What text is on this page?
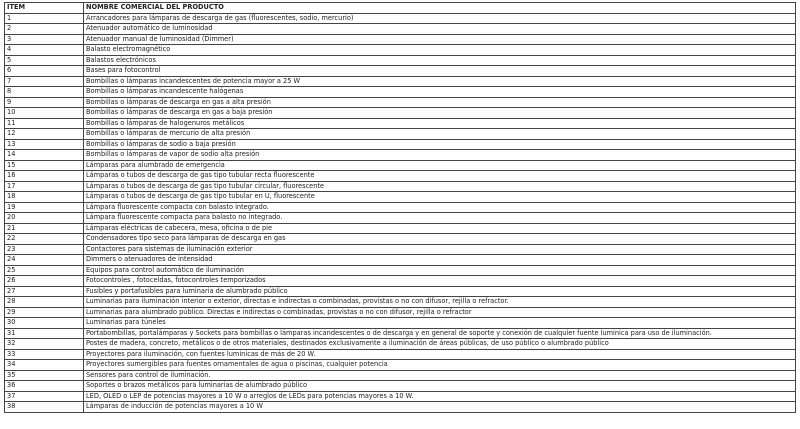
ÍTEM	NOMBRE COMERCIAL DEL PRODUCTO
1	Arrancadores para lámparas de descarga de gas (fluorescentes, sodio, mercurio)
2	Atenuador automático de luminosidad
3	Atenuador manual de luminosidad (Dimmer)
4	Balasto electromagnético
5	Balastos electrónicos
6	Bases para fotocontrol
7	Bombillas o lámparas incandescentes de potencia mayor a 25 W
8	Bombillas o lámparas incandescente halógenas
9	Bombillas o lámparas de descarga en gas a alta presión
10	Bombillas o lámparas de descarga en gas a baja presión
11	Bombillas o lámparas de halogenuros metálicos
12	Bombillas o lámparas de mercurio de alta presión
13	Bombillas o lámparas de sodio a baja presión
14	Bombillas o lámparas de vapor de sodio alta presión
15	Lámparas para alumbrado de emergencia
16	Lámparas o tubos de descarga de gas tipo tubular recta fluorescente
17	Lámparas o tubos de descarga de gas tipo tubular circular, fluorescente
18	Lámparas o tubos de descarga de gas tipo tubular en U, fluorescente
19	Lámpara fluorescente compacta con balasto integrado.
20	Lámpara fluorescente compacta para balasto no integrado.
21	Lámparas eléctricas de cabecera, mesa, oficina o de pie
22	Condensadores tipo seco para lámparas de descarga en gas
23	Contactores para sistemas de iluminación exterior
24	Dimmers o atenuadores de intensidad
25	Equipos para control automático de iluminación
26	Fotocontroles , fotoceldas, fotocontroles temporizados
27	Fusibles y portafusibles para luminaria de alumbrado público
28	Luminarias para iluminación interior o exterior, directas e indirectas o combinadas, provistas o no con difusor, rejilla o refractor.
29	Luminarias para alumbrado público. Directas e indirectas o combinadas, provistas o no con difusor, rejilla o refractor
30	Luminarias para túneles
31	Portabombillas, portalámparas y Sockets para bombillas o lámparas incandescentes o de descarga y en general de soporte y conexión de cualquier fuente luminica para uso de iluminación.
32	Postes de madera, concreto, metálicos o de otros materiales, destinados exclusivamente a iluminación de áreas públicas, de uso público o alumbrado público
33	Proyectores para iluminación, con fuentes luminicas de más de 20 W.
34	Proyectores sumergibles para fuentes ornamentales de agua o piscinas, cualquier potencia
35	Sensores para control de iluminación.
36	Soportes o brazos metálicos para luminarias de alumbrado público
37	LED, OLED o LEP de potencias mayores a 10 W o arreglos de LEDs para potencias mayores a 10 W.
38	Lámparas de inducción de potencias mayores a 10 W
